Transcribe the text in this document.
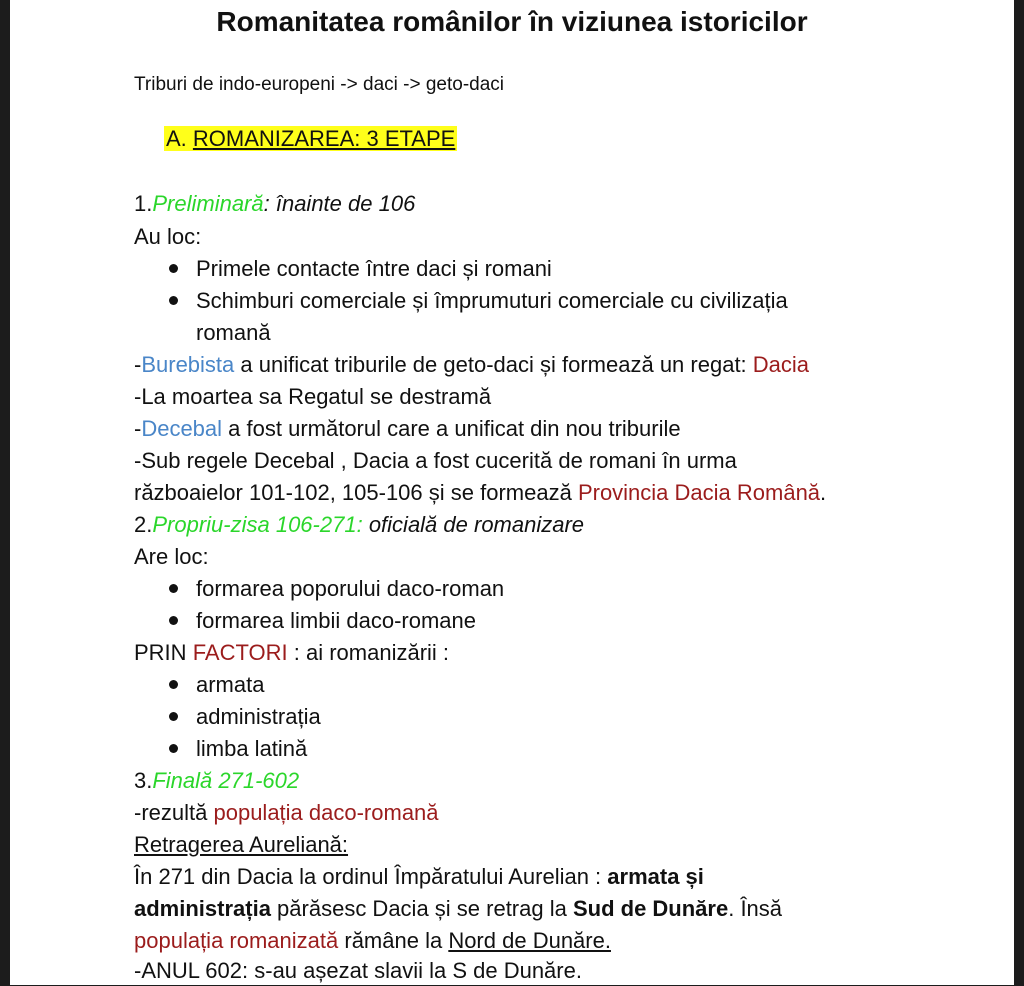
Romanitatea românilor în viziunea istoricilor
Triburi de indo-europeni -> daci -> geto-daci
A. ROMANIZAREA: 3 ETAPE
1.Preliminară: înainte de 106
Au loc:
Primele contacte între daci și romani
Schimburi comerciale și împrumuturi comerciale cu civilizația
romană
-Burebista a unificat triburile de geto-daci și formează un regat: Dacia
-La moartea sa Regatul se destramă
-Decebal a fost următorul care a unificat din nou triburile
-Sub regele Decebal , Dacia a fost cucerită de romani în urma
războaielor 101-102, 105-106 și se formează Provincia Dacia Română.
2.Propriu-zisa 106-271: oficială de romanizare
Are loc:
formarea poporului daco-roman
formarea limbii daco-romane
PRIN FACTORI : ai romanizării :
armata
administrația
limba latină
3.Finală 271-602
-rezultă populația daco-romană
Retragerea Aureliană:
În 271 din Dacia la ordinul Împăratului Aurelian : armata și
administrația părăsesc Dacia și se retrag la Sud de Dunăre. Însă
populația romanizată rămâne la Nord de Dunăre.
-ANUL 602: s-au așezat slavii la S de Dunăre.
